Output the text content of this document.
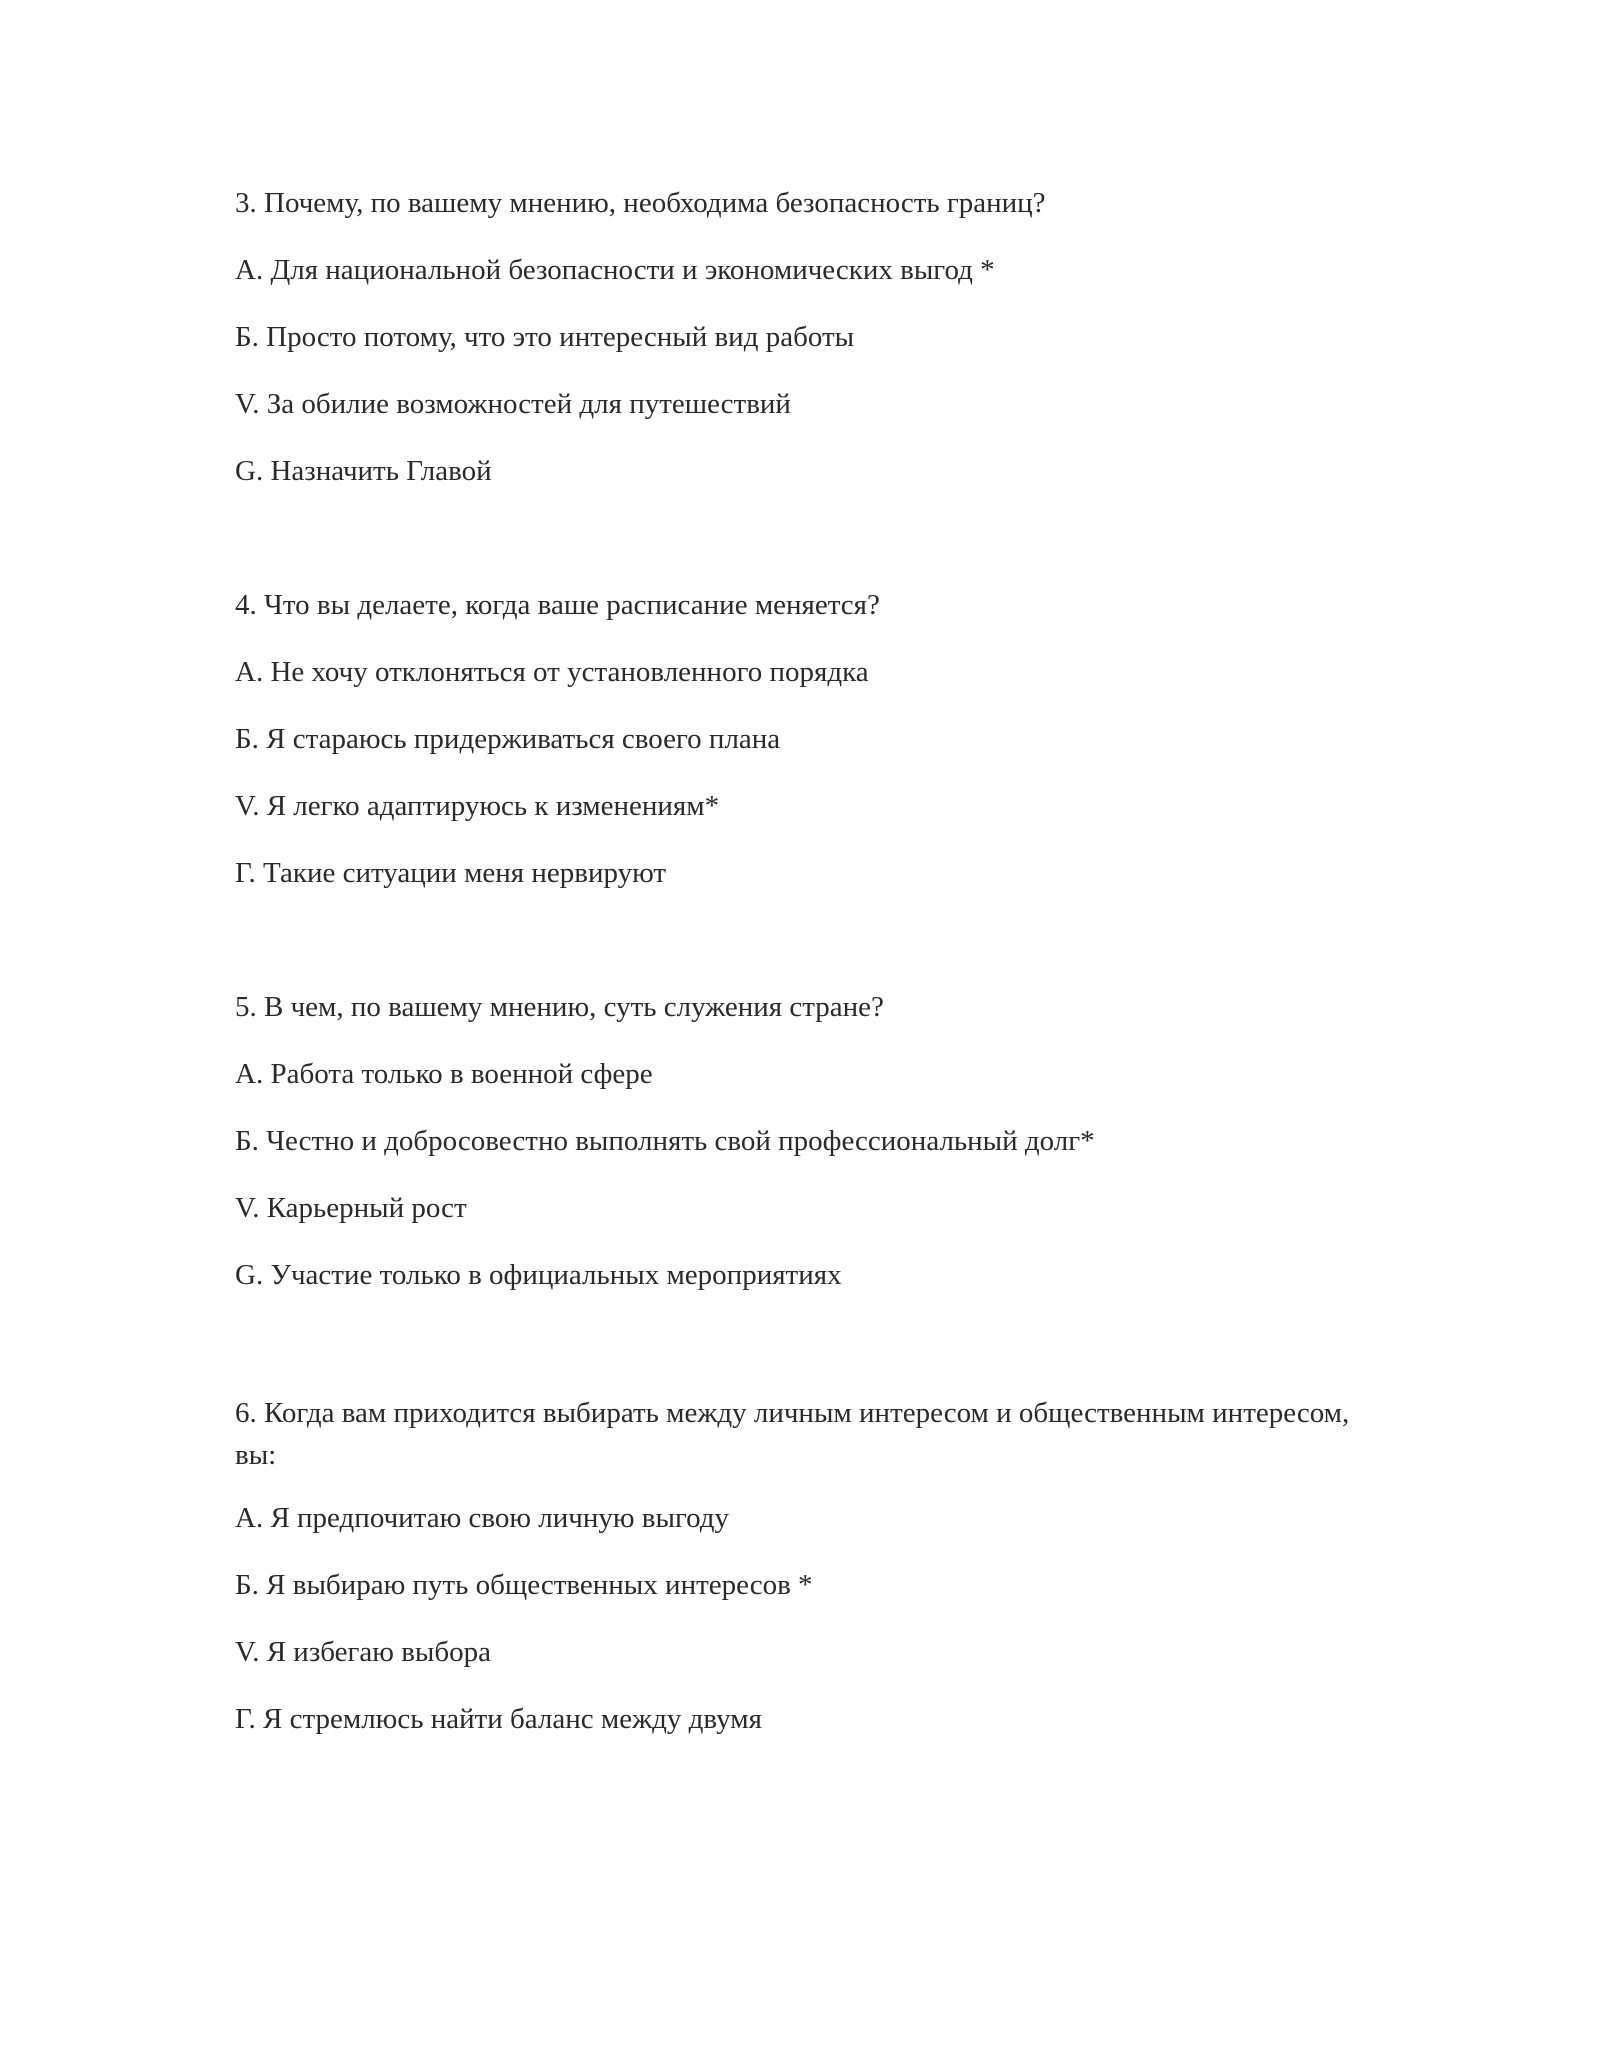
3. Почему, по вашему мнению, необходима безопасность границ?

А. Для национальной безопасности и экономических выгод *

Б. Просто потому, что это интересный вид работы

V. За обилие возможностей для путешествий

G. Назначить Главой

4. Что вы делаете, когда ваше расписание меняется?

А. Не хочу отклоняться от установленного порядка

Б. Я стараюсь придерживаться своего плана

V. Я легко адаптируюсь к изменениям*

Г. Такие ситуации меня нервируют

5. В чем, по вашему мнению, суть служения стране?

А. Работа только в военной сфере

Б. Честно и добросовестно выполнять свой профессиональный долг*

V. Карьерный рост

G. Участие только в официальных мероприятиях

6. Когда вам приходится выбирать между личным интересом и общественным интересом, вы:

А. Я предпочитаю свою личную выгоду

Б. Я выбираю путь общественных интересов *

V. Я избегаю выбора

Г. Я стремлюсь найти баланс между двумя
